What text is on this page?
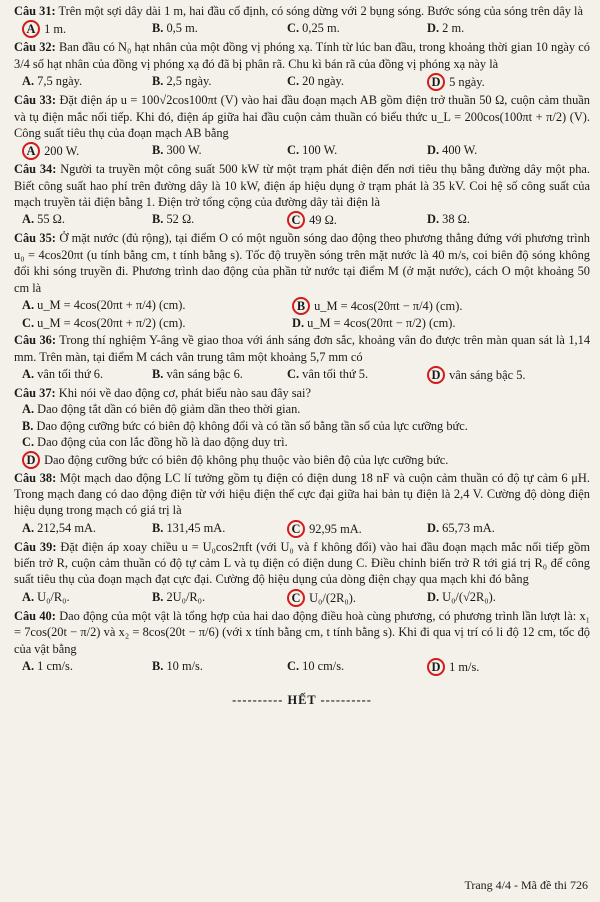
Câu 31: Trên một sợi dây dài 1 m, hai đầu cố định, có sóng dừng với 2 bụng sóng. Bước sóng của sóng trên dây là
A 1 m.	B. 0,5 m.	C. 0,25 m.	D. 2 m.
Câu 32: Ban đầu có N₀ hạt nhân của một đồng vị phóng xạ. Tính từ lúc ban đầu, trong khoảng thời gian 10 ngày có 3/4 số hạt nhân của đồng vị phóng xạ đó đã bị phân rã. Chu kì bán rã của đồng vị phóng xạ này là
A. 7,5 ngày.	B. 2,5 ngày.	C. 20 ngày.	D 5 ngày.
Câu 33: Đặt điện áp u = 100√2cos100πt (V) vào hai đầu đoạn mạch AB gồm điện trở thuần 50 Ω, cuộn cảm thuần và tụ điện mắc nối tiếp. Khi đó, điện áp giữa hai đầu cuộn cảm thuần có biểu thức u_L = 200cos(100πt + π/2) (V). Công suất tiêu thụ của đoạn mạch AB bằng
A 200 W.	B. 300 W.	C. 100 W.	D. 400 W.
Câu 34: Người ta truyền một công suất 500 kW từ một trạm phát điện đến nơi tiêu thụ bằng đường dây một pha. Biết công suất hao phí trên đường dây là 10 kW, điện áp hiệu dụng ở trạm phát là 35 kV. Coi hệ số công suất của mạch truyền tải điện bằng 1. Điện trở tổng cộng của đường dây tải điện là
A. 55 Ω.	B. 52 Ω.	C 49 Ω.	D. 38 Ω.
Câu 35: Ở mặt nước (đủ rộng), tại điểm O có một nguồn sóng dao động theo phương thẳng đứng với phương trình u₀ = 4cos20πt (u tính bằng cm, t tính bằng s). Tốc độ truyền sóng trên mặt nước là 40 m/s, coi biên độ sóng không đổi khi sóng truyền đi. Phương trình dao động của phần tử nước tại điểm M (ở mặt nước), cách O một khoảng 50 cm là
A. u_M = 4cos(20πt + π/4) (cm).	B u_M = 4cos(20πt − π/4) (cm).
C. u_M = 4cos(20πt + π/2) (cm).	D. u_M = 4cos(20πt − π/2) (cm).
Câu 36: Trong thí nghiệm Y-âng về giao thoa với ánh sáng đơn sắc, khoảng vân đo được trên màn quan sát là 1,14 mm. Trên màn, tại điểm M cách vân trung tâm một khoảng 5,7 mm có
A. vân tối thứ 6.	B. vân sáng bậc 6.	C. vân tối thứ 5.	D vân sáng bậc 5.
Câu 37: Khi nói về dao động cơ, phát biểu nào sau đây sai?
A. Dao động tắt dần có biên độ giảm dần theo thời gian.
B. Dao động cưỡng bức có biên độ không đổi và có tần số bằng tần số của lực cưỡng bức.
C. Dao động của con lắc đồng hồ là dao động duy trì.
D Dao động cưỡng bức có biên độ không phụ thuộc vào biên độ của lực cưỡng bức.
Câu 38: Một mạch dao động LC lí tưởng gồm tụ điện có điện dung 18 nF và cuộn cảm thuần có độ tự cảm 6 μH. Trong mạch đang có dao động điện từ với hiệu điện thế cực đại giữa hai bản tụ điện là 2,4 V. Cường độ dòng điện hiệu dụng trong mạch có giá trị là
A. 212,54 mA.	B. 131,45 mA.	C 92,95 mA.	D. 65,73 mA.
Câu 39: Đặt điện áp xoay chiều u = U₀cos2πft (với U₀ và f không đổi) vào hai đầu đoạn mạch mắc nối tiếp gồm biến trở R, cuộn cảm thuần có độ tự cảm L và tụ điện có điện dung C. Điều chỉnh biến trở R tới giá trị R₀ để công suất tiêu thụ của đoạn mạch đạt cực đại. Cường độ hiệu dụng của dòng điện chạy qua mạch khi đó bằng
A. U₀/R₀.	B. 2U₀/R₀.	C U₀/(2R₀).	D. U₀/(√2R₀).
Câu 40: Dao động của một vật là tổng hợp của hai dao động điều hoà cùng phương, có phương trình lần lượt là: x₁ = 7cos(20t − π/2) và x₂ = 8cos(20t − π/6) (với x tính bằng cm, t tính bằng s). Khi đi qua vị trí có li độ 12 cm, tốc độ của vật bằng
A. 1 cm/s.	B. 10 m/s.	C. 10 cm/s.	D 1 m/s.
---------- HẾT ----------
Trang 4/4 - Mã đề thi 726
